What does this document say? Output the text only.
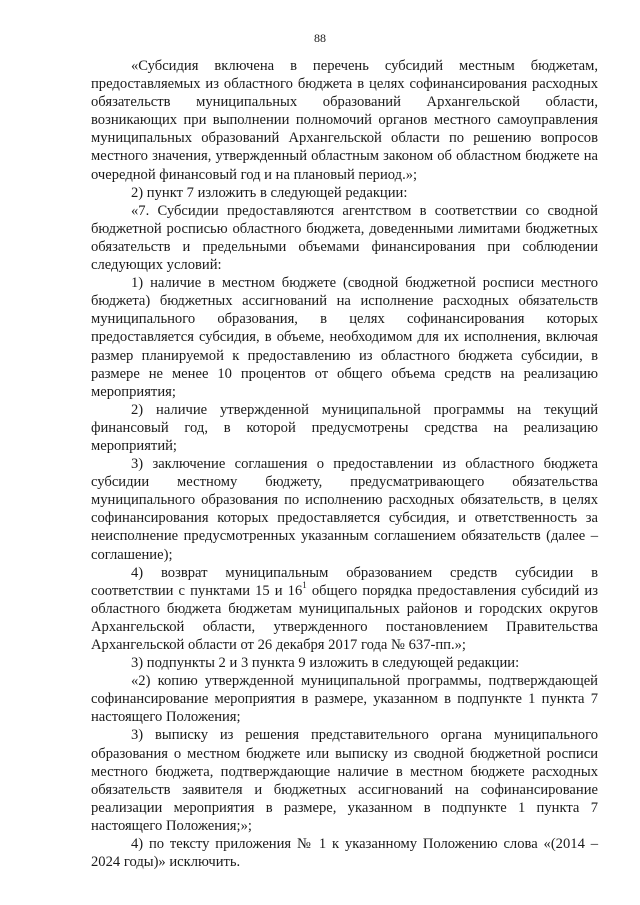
88

«Субсидия включена в перечень субсидий местным бюджетам, предоставляемых из областного бюджета в целях софинансирования расходных обязательств муниципальных образований Архангельской области, возникающих при выполнении полномочий органов местного самоуправления муниципальных образований Архангельской области по решению вопросов местного значения, утвержденный областным законом об областном бюджете на очередной финансовый год и на плановый период.»;

2) пункт 7 изложить в следующей редакции:

«7. Субсидии предоставляются агентством в соответствии со сводной бюджетной росписью областного бюджета, доведенными лимитами бюджетных обязательств и предельными объемами финансирования при соблюдении следующих условий:

1) наличие в местном бюджете (сводной бюджетной росписи местного бюджета) бюджетных ассигнований на исполнение расходных обязательств муниципального образования, в целях софинансирования которых предоставляется субсидия, в объеме, необходимом для их исполнения, включая размер планируемой к предоставлению из областного бюджета субсидии, в размере не менее 10 процентов от общего объема средств на реализацию мероприятия;

2) наличие утвержденной муниципальной программы на текущий финансовый год, в которой предусмотрены средства на реализацию мероприятий;

3) заключение соглашения о предоставлении из областного бюджета субсидии местному бюджету, предусматривающего обязательства муниципального образования по исполнению расходных обязательств, в целях софинансирования которых предоставляется субсидия, и ответственность за неисполнение предусмотренных указанным соглашением обязательств (далее – соглашение);

4) возврат муниципальным образованием средств субсидии в соответствии с пунктами 15 и $16^1$ общего порядка предоставления субсидий из областного бюджета бюджетам муниципальных районов и городских округов Архангельской области, утвержденного постановлением Правительства Архангельской области от 26 декабря 2017 года № 637-пп.»;

3) подпункты 2 и 3 пункта 9 изложить в следующей редакции:

«2) копию утвержденной муниципальной программы, подтверждающей софинансирование мероприятия в размере, указанном в подпункте 1 пункта 7 настоящего Положения;

3) выписку из решения представительного органа муниципального образования о местном бюджете или выписку из сводной бюджетной росписи местного бюджета, подтверждающие наличие в местном бюджете расходных обязательств заявителя и бюджетных ассигнований на софинансирование реализации мероприятия в размере, указанном в подпункте 1 пункта 7 настоящего Положения;»;

4) по тексту приложения № 1 к указанному Положению слова «(2014 – 2024 годы)» исключить.
